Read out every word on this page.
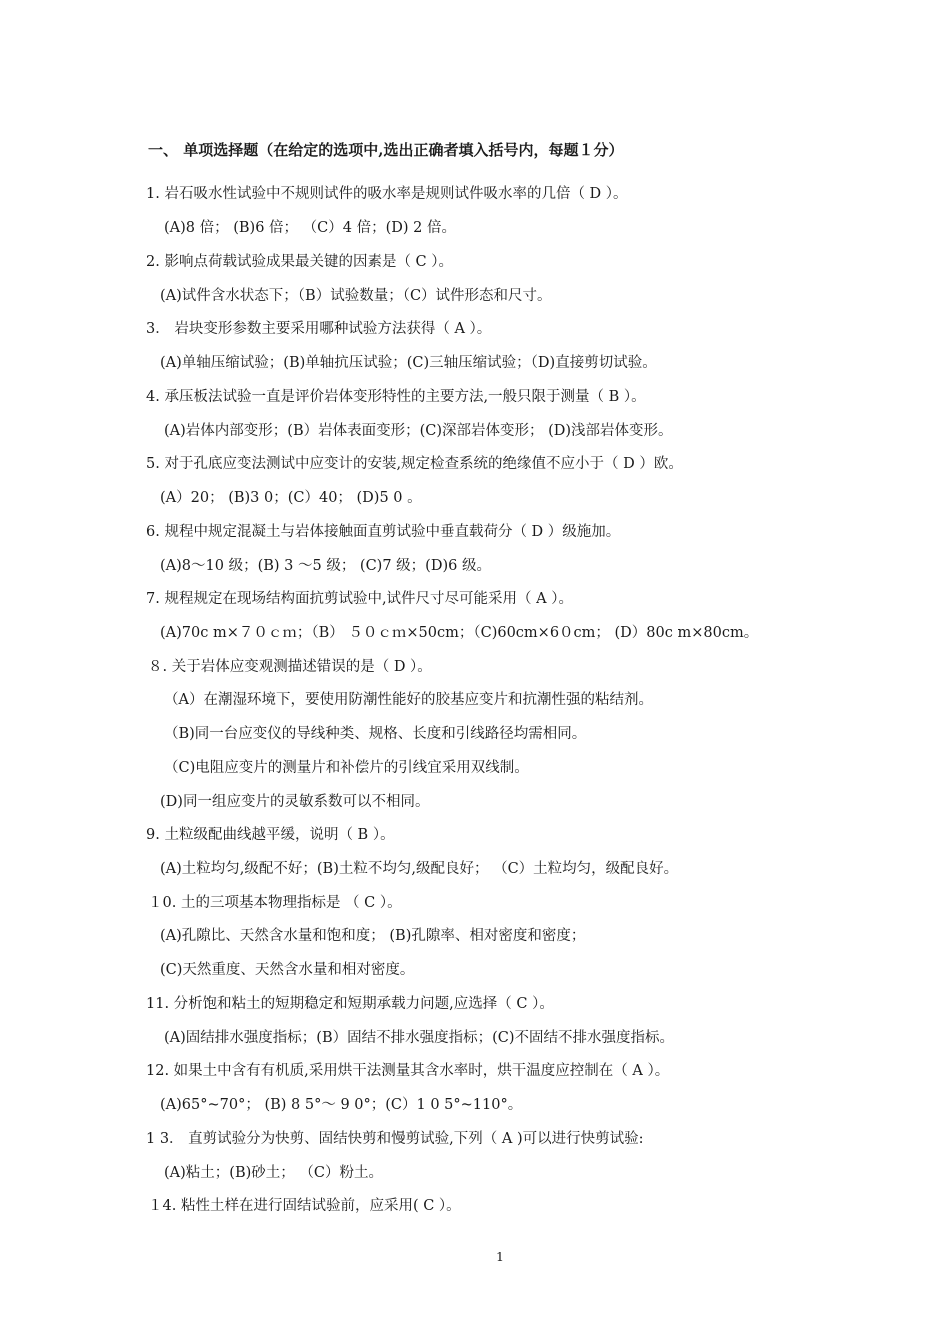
一、 单项选择题（在给定的选项中,选出正确者填入括号内，每题１分）
1. 岩石吸水性试验中不规则试件的吸水率是规则试件吸水率的几倍（ D ）。
(A)8 倍； (B)6 倍； （C）4 倍；(D) 2 倍。
2. 影响点荷载试验成果最关键的因素是（ C ）。
(A)试件含水状态下；（B）试验数量；（C）试件形态和尺寸。
3． 岩块变形参数主要采用哪种试验方法获得（ A ）。
(A)单轴压缩试验；(B)单轴抗压试验；(C)三轴压缩试验；（D)直接剪切试验。
4. 承压板法试验一直是评价岩体变形特性的主要方法,一般只限于测量（ B ）。
(A)岩体内部变形；(B）岩体表面变形；(C)深部岩体变形； (D)浅部岩体变形。
5. 对于孔底应变法测试中应变计的安装,规定检查系统的绝缘值不应小于（ D ）欧。
(A）20； (B)3 0；(C）40； (D)5 0 。
6. 规程中规定混凝土与岩体接触面直剪试验中垂直载荷分（ D ）级施加。
(A)8～10 级；(B) 3 ～5 级； (C)7 级；(D)6 级。
7. 规程规定在现场结构面抗剪试验中,试件尺寸尽可能采用（ A ）。
(A)70c m×７０ｃｍ；（B） ５０ｃｍ×50cm；（C)60cm×6０cm； (D）80c m×80cm。
８. 关于岩体应变观测描述错误的是（ D ）。
（A）在潮湿环境下，要使用防潮性能好的胶基应变片和抗潮性强的粘结剂。
（B)同一台应变仪的导线种类、规格、长度和引线路径均需相同。
（C)电阻应变片的测量片和补偿片的引线宜采用双线制。
(D)同一组应变片的灵敏系数可以不相同。
9. 土粒级配曲线越平缓，说明（ B ）。
(A)土粒均匀,级配不好；(B)土粒不均匀,级配良好； （C）土粒均匀，级配良好。
１0. 土的三项基本物理指标是 （ C ）。
(A)孔隙比、天然含水量和饱和度； (B)孔隙率、相对密度和密度；
(C)天然重度、天然含水量和相对密度。
11. 分析饱和粘土的短期稳定和短期承载力问题,应选择（ C ）。
(A)固结排水强度指标；(B）固结不排水强度指标；(C)不固结不排水强度指标。
12. 如果土中含有有机质,采用烘干法测量其含水率时，烘干温度应控制在（ A ）。
(A)65°~70°； (B) 8 5°～ 9 0°；(C）1 0 5°~110°。
1 3． 直剪试验分为快剪、固结快剪和慢剪试验,下列（ A )可以进行快剪试验:
(A)粘土；(B)砂土； （C）粉土。
１4. 粘性土样在进行固结试验前，应采用( C ）。
1
